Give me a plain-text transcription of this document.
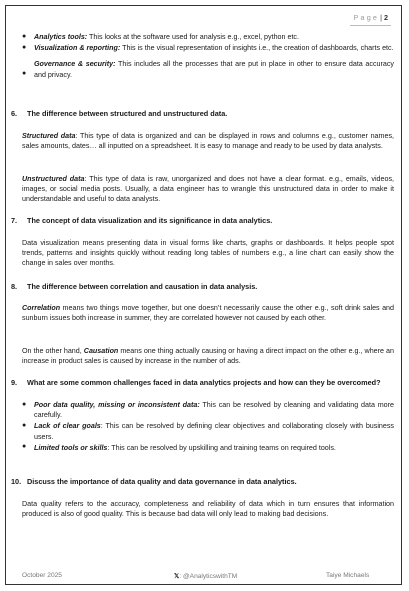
Page| 2
● Analytics tools: This looks at the software used for analysis e.g., excel, python etc.

● Visualization & reporting: This is the visual representation of insights i.e., the creation of dashboards, charts etc.

●

Governance & security: This includes all the processes that are put in place in other to ensure data accuracy and privacy.

6. The difference between structured and unstructured data.

Structured data: This type of data is organized and can be displayed in rows and columns e.g., customer names, sales amounts, dates… all inputted on a spreadsheet. It is easy to manage and ready to be used by data analysts.

Unstructured data: This type of data is raw, unorganized and does not have a clear format. e.g., emails, videos, images, or social media posts. Usually, a data engineer has to wrangle this unstructured data in order to make it understandable and useful to data analysts.

7. The concept of data visualization and its significance in data analytics.

Data visualization means presenting data in visual forms like charts, graphs or dashboards. It helps people spot trends, patterns and insights quickly without reading long tables of numbers e.g., a line chart can easily show the change in sales over months.

8. The difference between correlation and causation in data analysis.

Correlation means two things move together, but one doesn’t necessarily cause the other e.g., soft drink sales and sunburn issues both increase in summer, they are correlated however not caused by each other.

On the other hand, Causation means one thing actually causing or having a direct impact on the other e.g., where an increase in product sales is caused by increase in the number of ads.

9. What are some common challenges faced in data analytics projects and how can they be overcomed?
● Poor data quality, missing or inconsistent data: This can be resolved by cleaning and validating data more carefully.

● Lack of clear goals: This can be resolved by defining clear objectives and collaborating closely with business users.

● Limited tools or skills: This can be resolved by upskilling and training teams on required tools.

10. Discuss the importance of data quality and data governance in data analytics.

Data quality refers to the accuracy, completeness and reliability of data which in turn ensures that information produced is also of good quality. This is because bad data will only lead to making bad decisions.

October 2025	𝕏: @AnalyticswithTM	Taiye Michaels
